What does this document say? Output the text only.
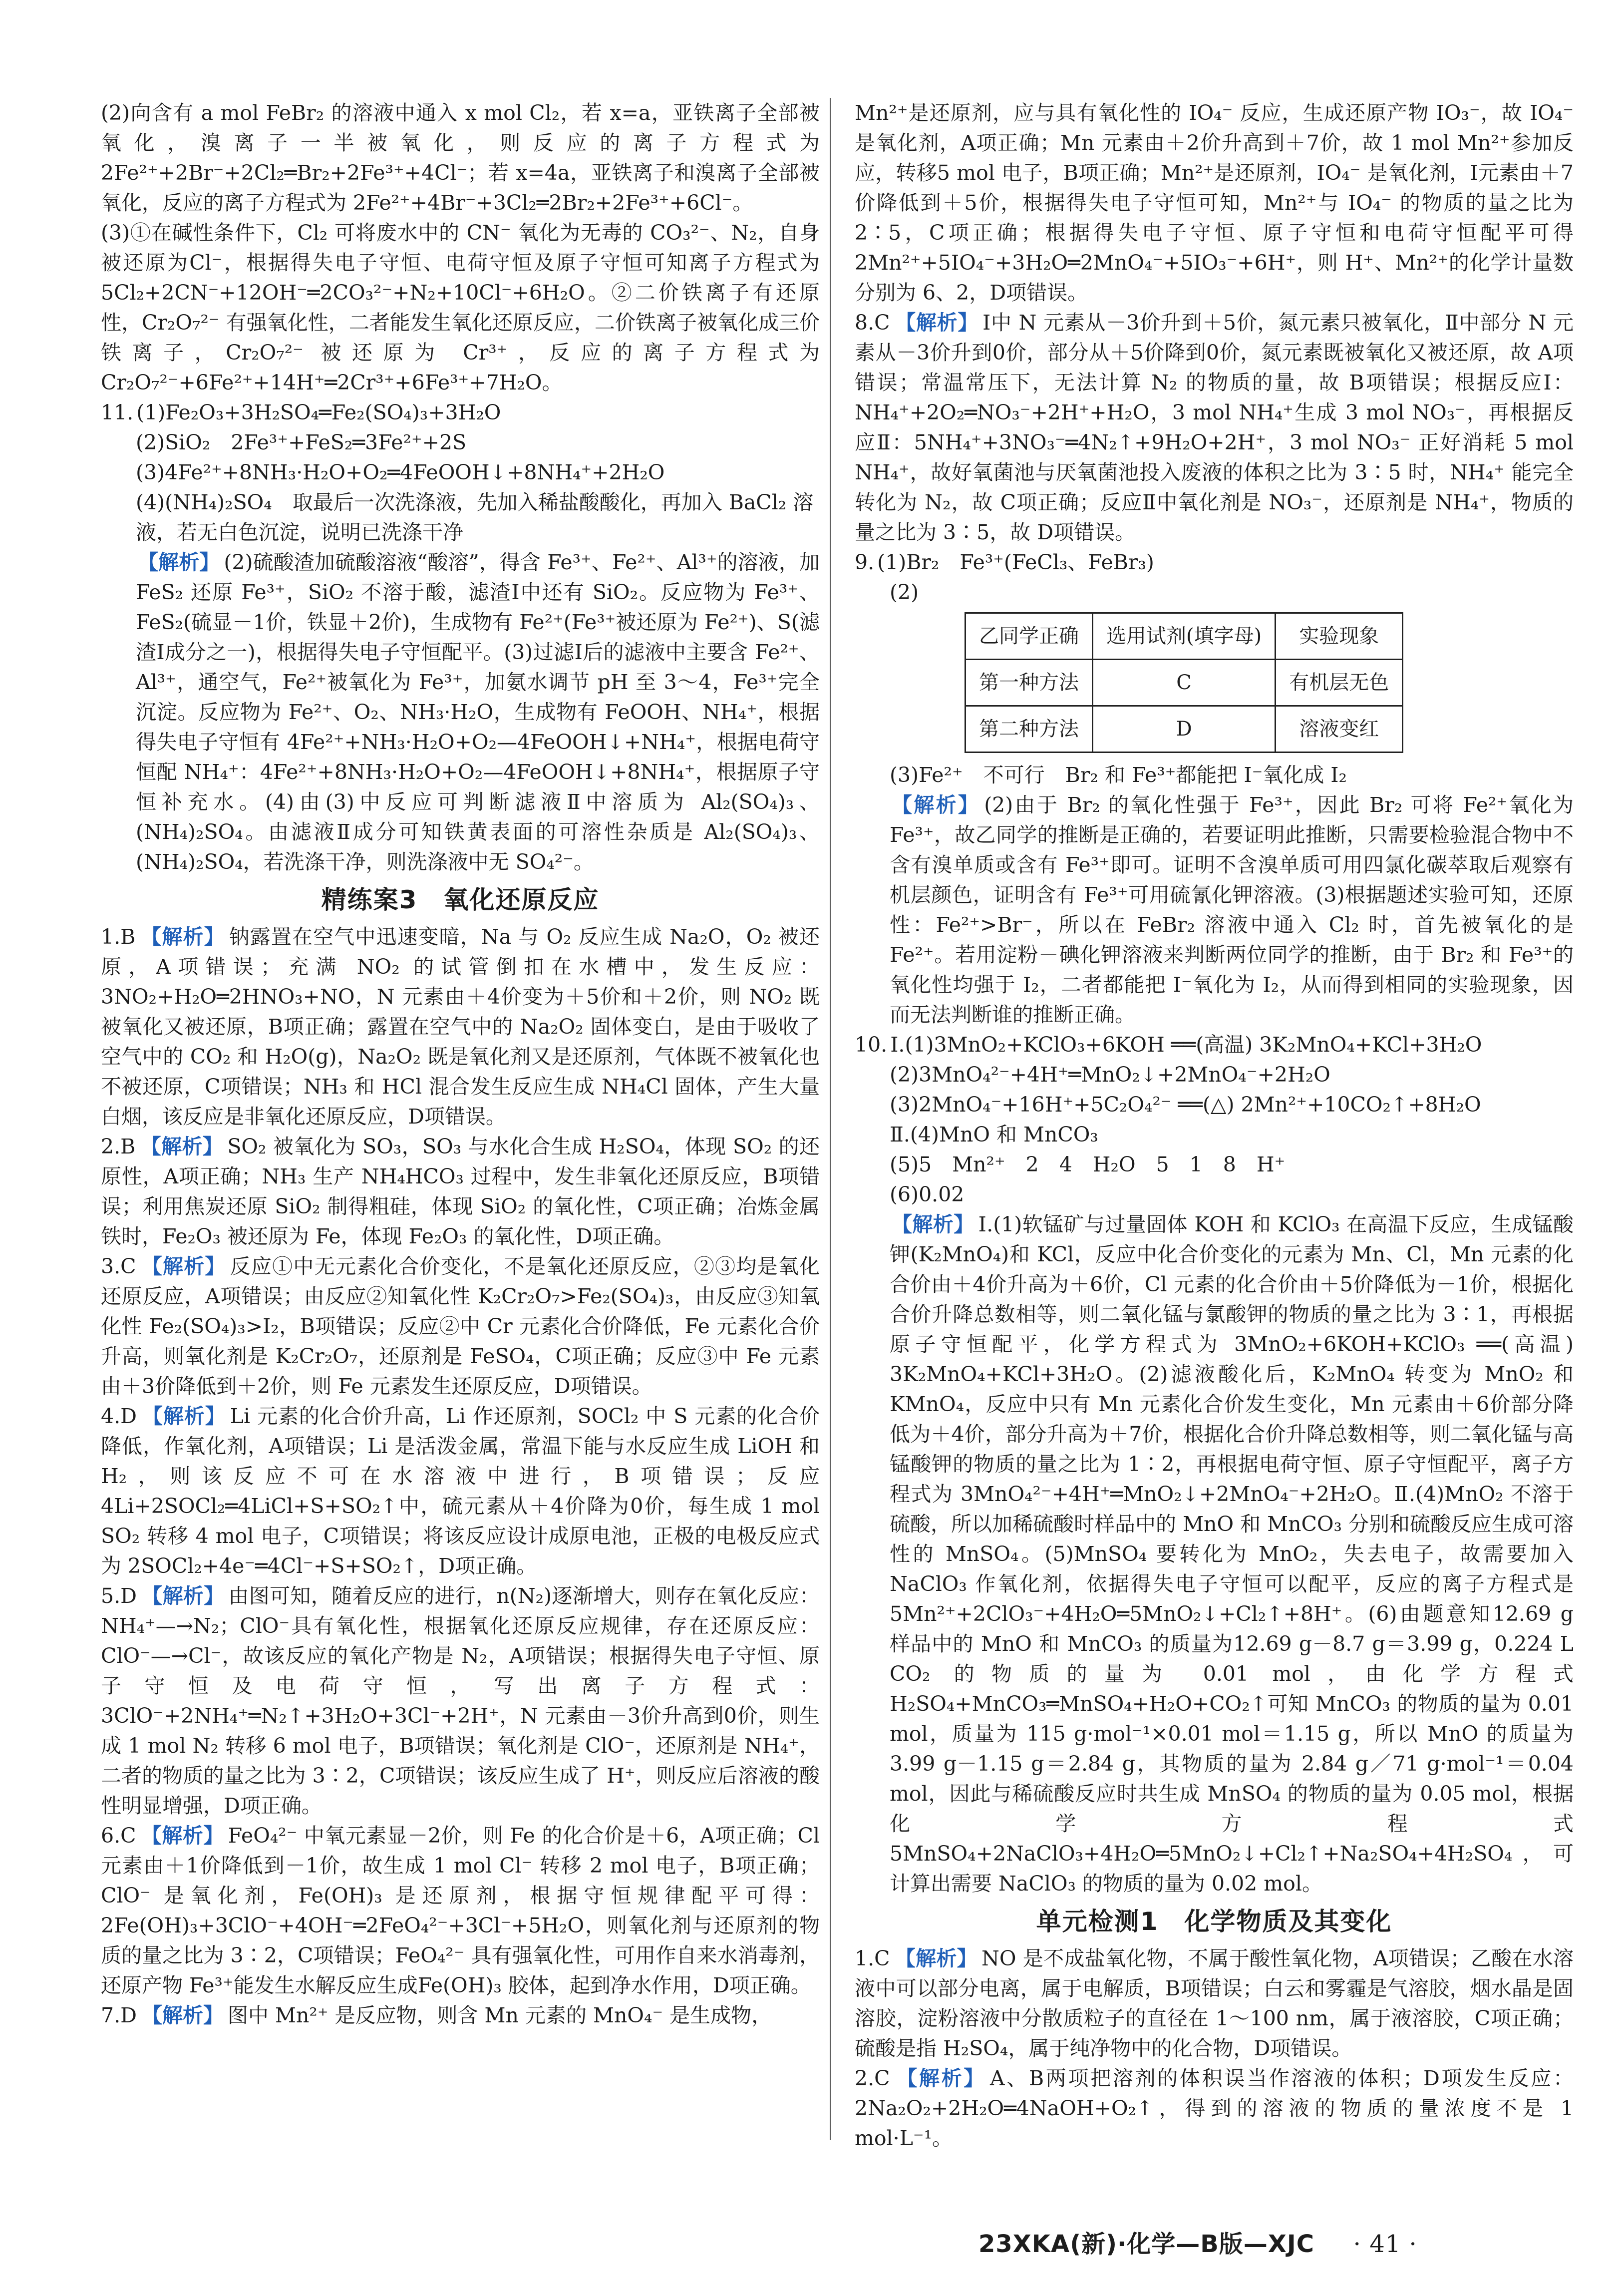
(2)向含有 a mol FeBr₂ 的溶液中通入 x mol Cl₂，若 x=a，亚铁离子全部被氧化，溴离子一半被氧化，则反应的离子方程式为 2Fe²⁺+2Br⁻+2Cl₂═Br₂+2Fe³⁺+4Cl⁻；若 x=4a，亚铁离子和溴离子全部被氧化，反应的离子方程式为 2Fe²⁺+4Br⁻+3Cl₂═2Br₂+2Fe³⁺+6Cl⁻。

(3)①在碱性条件下，Cl₂ 可将废水中的 CN⁻ 氧化为无毒的 CO₃²⁻、N₂，自身被还原为Cl⁻，根据得失电子守恒、电荷守恒及原子守恒可知离子方程式为 5Cl₂+2CN⁻+12OH⁻═2CO₃²⁻+N₂+10Cl⁻+6H₂O。②二价铁离子有还原性，Cr₂O₇²⁻ 有强氧化性，二者能发生氧化还原反应，二价铁离子被氧化成三价铁离子，Cr₂O₇²⁻ 被还原为 Cr³⁺，反应的离子方程式为 Cr₂O₇²⁻+6Fe²⁺+14H⁺═2Cr³⁺+6Fe³⁺+7H₂O。

11. (1)Fe₂O₃+3H₂SO₄═Fe₂(SO₄)₃+3H₂O
(2)SiO₂　2Fe³⁺+FeS₂═3Fe²⁺+2S
(3)4Fe²⁺+8NH₃·H₂O+O₂═4FeOOH↓+8NH₄⁺+2H₂O
(4)(NH₄)₂SO₄　取最后一次洗涤液，先加入稀盐酸酸化，再加入 BaCl₂ 溶液，若无白色沉淀，说明已洗涤干净

【解析】 (2)硫酸渣加硫酸溶液“酸溶”，得含 Fe³⁺、Fe²⁺、Al³⁺的溶液，加 FeS₂ 还原 Fe³⁺，SiO₂ 不溶于酸，滤渣Ⅰ中还有 SiO₂。反应物为 Fe³⁺、FeS₂(硫显－1价，铁显＋2价)，生成物有 Fe²⁺(Fe³⁺被还原为 Fe²⁺)、S(滤渣Ⅰ成分之一)，根据得失电子守恒配平。(3)过滤Ⅰ后的滤液中主要含 Fe²⁺、Al³⁺，通空气，Fe²⁺被氧化为 Fe³⁺，加氨水调节 pH 至 3～4，Fe³⁺完全沉淀。反应物为 Fe²⁺、O₂、NH₃·H₂O，生成物有 FeOOH、NH₄⁺，根据得失电子守恒有 4Fe²⁺+NH₃·H₂O+O₂—4FeOOH↓+NH₄⁺，根据电荷守恒配 NH₄⁺：4Fe²⁺+8NH₃·H₂O+O₂—4FeOOH↓+8NH₄⁺，根据原子守恒补充水。(4)由(3)中反应可判断滤液Ⅱ中溶质为 Al₂(SO₄)₃、(NH₄)₂SO₄。由滤液Ⅱ成分可知铁黄表面的可溶性杂质是 Al₂(SO₄)₃、(NH₄)₂SO₄，若洗涤干净，则洗涤液中无 SO₄²⁻。

精练案3　氧化还原反应

1.B 【解析】 钠露置在空气中迅速变暗，Na 与 O₂ 反应生成 Na₂O，O₂ 被还原，A项错误；充满 NO₂ 的试管倒扣在水槽中，发生反应：3NO₂+H₂O═2HNO₃+NO，N 元素由＋4价变为＋5价和＋2价，则 NO₂ 既被氧化又被还原，B项正确；露置在空气中的 Na₂O₂ 固体变白，是由于吸收了空气中的 CO₂ 和 H₂O(g)，Na₂O₂ 既是氧化剂又是还原剂，气体既不被氧化也不被还原，C项错误；NH₃ 和 HCl 混合发生反应生成 NH₄Cl 固体，产生大量白烟，该反应是非氧化还原反应，D项错误。

2.B 【解析】 SO₂ 被氧化为 SO₃，SO₃ 与水化合生成 H₂SO₄，体现 SO₂ 的还原性，A项正确；NH₃ 生产 NH₄HCO₃ 过程中，发生非氧化还原反应，B项错误；利用焦炭还原 SiO₂ 制得粗硅，体现 SiO₂ 的氧化性，C项正确；冶炼金属铁时，Fe₂O₃ 被还原为 Fe，体现 Fe₂O₃ 的氧化性，D项正确。

3.C 【解析】 反应①中无元素化合价变化，不是氧化还原反应，②③均是氧化还原反应，A项错误；由反应②知氧化性 K₂Cr₂O₇>Fe₂(SO₄)₃，由反应③知氧化性 Fe₂(SO₄)₃>I₂，B项错误；反应②中 Cr 元素化合价降低，Fe 元素化合价升高，则氧化剂是 K₂Cr₂O₇，还原剂是 FeSO₄，C项正确；反应③中 Fe 元素由＋3价降低到＋2价，则 Fe 元素发生还原反应，D项错误。

4.D 【解析】 Li 元素的化合价升高，Li 作还原剂，SOCl₂ 中 S 元素的化合价降低，作氧化剂，A项错误；Li 是活泼金属，常温下能与水反应生成 LiOH 和 H₂，则该反应不可在水溶液中进行，B项错误；反应 4Li+2SOCl₂═4LiCl+S+SO₂↑中，硫元素从＋4价降为0价，每生成 1 mol SO₂ 转移 4 mol 电子，C项错误；将该反应设计成原电池，正极的电极反应式为 2SOCl₂+4e⁻═4Cl⁻+S+SO₂↑，D项正确。

5.D 【解析】 由图可知，随着反应的进行，n(N₂)逐渐增大，则存在氧化反应：NH₄⁺—→N₂；ClO⁻具有氧化性，根据氧化还原反应规律，存在还原反应：ClO⁻—→Cl⁻，故该反应的氧化产物是 N₂，A项错误；根据得失电子守恒、原子守恒及电荷守恒，写出离子方程式：3ClO⁻+2NH₄⁺═N₂↑+3H₂O+3Cl⁻+2H⁺，N 元素由－3价升高到0价，则生成 1 mol N₂ 转移 6 mol 电子，B项错误；氧化剂是 ClO⁻，还原剂是 NH₄⁺，二者的物质的量之比为 3∶2，C项错误；该反应生成了 H⁺，则反应后溶液的酸性明显增强，D项正确。

6.C 【解析】 FeO₄²⁻ 中氧元素显－2价，则 Fe 的化合价是＋6，A项正确；Cl 元素由＋1价降低到－1价，故生成 1 mol Cl⁻ 转移 2 mol 电子，B项正确；ClO⁻ 是氧化剂，Fe(OH)₃ 是还原剂，根据守恒规律配平可得：2Fe(OH)₃+3ClO⁻+4OH⁻═2FeO₄²⁻+3Cl⁻+5H₂O，则氧化剂与还原剂的物质的量之比为 3∶2，C项错误；FeO₄²⁻ 具有强氧化性，可用作自来水消毒剂，还原产物 Fe³⁺能发生水解反应生成Fe(OH)₃ 胶体，起到净水作用，D项正确。

7.D 【解析】 图中 Mn²⁺ 是反应物，则含 Mn 元素的 MnO₄⁻ 是生成物，

Mn²⁺是还原剂，应与具有氧化性的 IO₄⁻ 反应，生成还原产物 IO₃⁻，故 IO₄⁻ 是氧化剂，A项正确；Mn 元素由＋2价升高到＋7价，故 1 mol Mn²⁺参加反应，转移5 mol 电子，B项正确；Mn²⁺是还原剂，IO₄⁻ 是氧化剂，I元素由＋7价降低到＋5价，根据得失电子守恒可知，Mn²⁺与 IO₄⁻ 的物质的量之比为 2∶5，C项正确；根据得失电子守恒、原子守恒和电荷守恒配平可得 2Mn²⁺+5IO₄⁻+3H₂O═2MnO₄⁻+5IO₃⁻+6H⁺，则 H⁺、Mn²⁺的化学计量数分别为 6、2，D项错误。

8.C 【解析】 Ⅰ中 N 元素从－3价升到＋5价，氮元素只被氧化，Ⅱ中部分 N 元素从－3价升到0价，部分从＋5价降到0价，氮元素既被氧化又被还原，故 A项错误；常温常压下，无法计算 N₂ 的物质的量，故 B项错误；根据反应Ⅰ：NH₄⁺+2O₂═NO₃⁻+2H⁺+H₂O，3 mol NH₄⁺生成 3 mol NO₃⁻，再根据反应Ⅱ：5NH₄⁺+3NO₃⁻═4N₂↑+9H₂O+2H⁺，3 mol NO₃⁻ 正好消耗 5 mol NH₄⁺，故好氧菌池与厌氧菌池投入废液的体积之比为 3∶5 时，NH₄⁺ 能完全转化为 N₂，故 C项正确；反应Ⅱ中氧化剂是 NO₃⁻，还原剂是 NH₄⁺，物质的量之比为 3∶5，故 D项错误。

9. (1)Br₂　Fe³⁺(FeCl₃、FeBr₃)
(2)
乙同学正确	选用试剂(填字母)	实验现象
第一种方法	C	有机层无色
第二种方法	D	溶液变红
(3)Fe²⁺　不可行　Br₂ 和 Fe³⁺都能把 I⁻氧化成 I₂

【解析】 (2)由于 Br₂ 的氧化性强于 Fe³⁺，因此 Br₂ 可将 Fe²⁺氧化为 Fe³⁺，故乙同学的推断是正确的，若要证明此推断，只需要检验混合物中不含有溴单质或含有 Fe³⁺即可。证明不含溴单质可用四氯化碳萃取后观察有机层颜色，证明含有 Fe³⁺可用硫氰化钾溶液。(3)根据题述实验可知，还原性：Fe²⁺>Br⁻，所以在 FeBr₂ 溶液中通入 Cl₂ 时，首先被氧化的是 Fe²⁺。若用淀粉－碘化钾溶液来判断两位同学的推断，由于 Br₂ 和 Fe³⁺的氧化性均强于 I₂，二者都能把 I⁻氧化为 I₂，从而得到相同的实验现象，因而无法判断谁的推断正确。

10. Ⅰ.(1)3MnO₂+KClO₃+6KOH ══(高温) 3K₂MnO₄+KCl+3H₂O
(2)3MnO₄²⁻+4H⁺═MnO₂↓+2MnO₄⁻+2H₂O
(3)2MnO₄⁻+16H⁺+5C₂O₄²⁻ ══(△) 2Mn²⁺+10CO₂↑+8H₂O
Ⅱ.(4)MnO 和 MnCO₃
(5)5　Mn²⁺　2　4　H₂O　5　1　8　H⁺
(6)0.02

【解析】 Ⅰ.(1)软锰矿与过量固体 KOH 和 KClO₃ 在高温下反应，生成锰酸钾(K₂MnO₄)和 KCl，反应中化合价变化的元素为 Mn、Cl，Mn 元素的化合价由＋4价升高为＋6价，Cl 元素的化合价由＋5价降低为－1价，根据化合价升降总数相等，则二氧化锰与氯酸钾的物质的量之比为 3∶1，再根据原子守恒配平，化学方程式为 3MnO₂+6KOH+KClO₃ ══(高温) 3K₂MnO₄+KCl+3H₂O。(2)滤液酸化后，K₂MnO₄ 转变为 MnO₂ 和 KMnO₄，反应中只有 Mn 元素化合价发生变化，Mn 元素由＋6价部分降低为＋4价，部分升高为＋7价，根据化合价升降总数相等，则二氧化锰与高锰酸钾的物质的量之比为 1∶2，再根据电荷守恒、原子守恒配平，离子方程式为 3MnO₄²⁻+4H⁺═MnO₂↓+2MnO₄⁻+2H₂O。Ⅱ.(4)MnO₂ 不溶于硫酸，所以加稀硫酸时样品中的 MnO 和 MnCO₃ 分别和硫酸反应生成可溶性的 MnSO₄。(5)MnSO₄ 要转化为 MnO₂，失去电子，故需要加入 NaClO₃ 作氧化剂，依据得失电子守恒可以配平，反应的离子方程式是 5Mn²⁺+2ClO₃⁻+4H₂O═5MnO₂↓+Cl₂↑+8H⁺。(6)由题意知12.69 g 样品中的 MnO 和 MnCO₃ 的质量为12.69 g－8.7 g＝3.99 g，0.224 L CO₂ 的物质的量为 0.01 mol，由化学方程式 H₂SO₄+MnCO₃═MnSO₄+H₂O+CO₂↑可知 MnCO₃ 的物质的量为 0.01 mol，质量为 115 g·mol⁻¹×0.01 mol＝1.15 g，所以 MnO 的质量为 3.99 g－1.15 g＝2.84 g，其物质的量为 2.84 g／71 g·mol⁻¹＝0.04 mol，因此与稀硫酸反应时共生成 MnSO₄ 的物质的量为 0.05 mol，根据化学方程式 5MnSO₄+2NaClO₃+4H₂O═5MnO₂↓+Cl₂↑+Na₂SO₄+4H₂SO₄，可计算出需要 NaClO₃ 的物质的量为 0.02 mol。

单元检测1　化学物质及其变化

1.C 【解析】 NO 是不成盐氧化物，不属于酸性氧化物，A项错误；乙酸在水溶液中可以部分电离，属于电解质，B项错误；白云和雾霾是气溶胶，烟水晶是固溶胶，淀粉溶液中分散质粒子的直径在 1～100 nm，属于液溶胶，C项正确；硫酸是指 H₂SO₄，属于纯净物中的化合物，D项错误。

2.C 【解析】 A、B两项把溶剂的体积误当作溶液的体积；D项发生反应：2Na₂O₂+2H₂O═4NaOH+O₂↑，得到的溶液的物质的量浓度不是 1 mol·L⁻¹。

23XKA(新)·化学—B版—XJC · 41 ·
